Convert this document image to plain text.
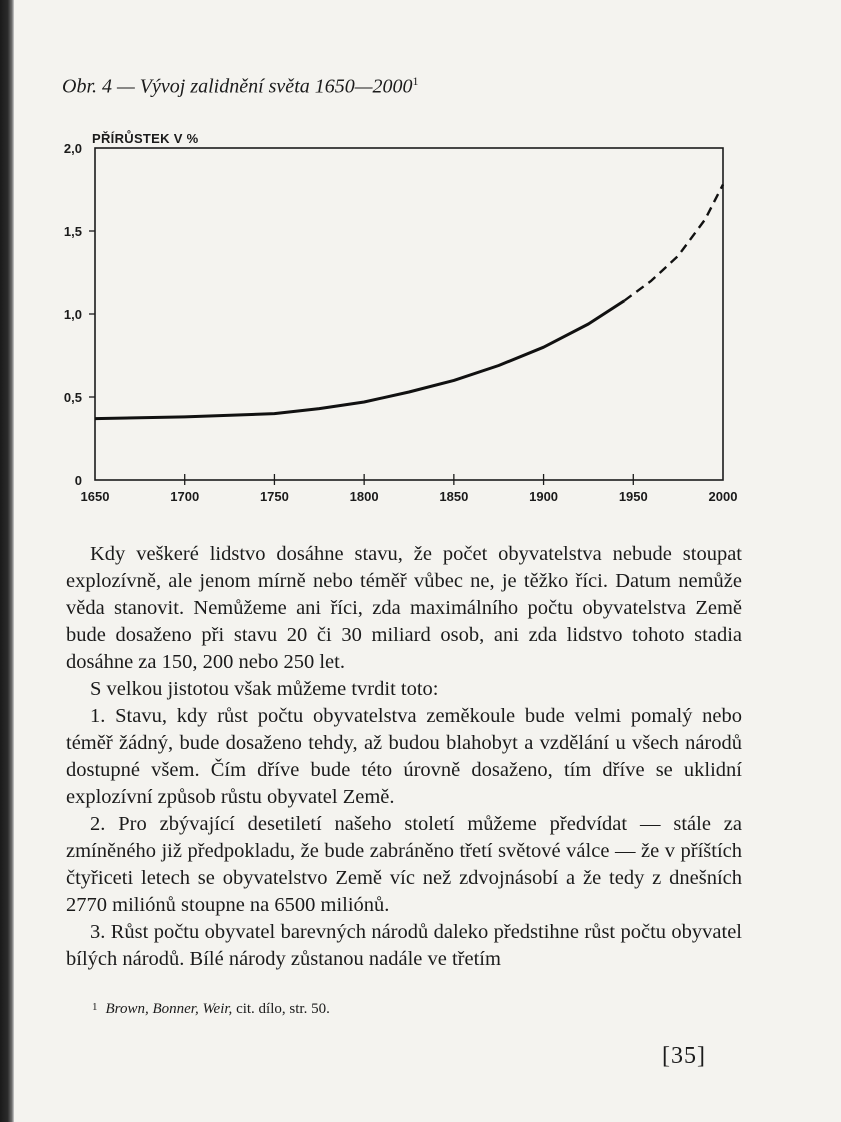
Obr. 4 — Vývoj zalidnění světa 1650—2000$^1$
PŘÍRŮSTEK V %
0
0,5
1,0
1,5
2,0
1650	1700	1750	1800	1850	1900	1950	2000

Kdy veškeré lidstvo dosáhne stavu, že počet obyvatelstva nebude stoupat explozívně, ale jenom mírně nebo téměř vůbec ne, je těžko říci. Datum nemůže věda stanovit. Nemůžeme ani říci, zda maximálního počtu obyvatelstva Země bude dosaženo při stavu 20 či 30 miliard osob, ani zda lidstvo tohoto stadia dosáhne za 150, 200 nebo 250 let.

S velkou jistotou však můžeme tvrdit toto:

1. Stavu, kdy růst počtu obyvatelstva zeměkoule bude velmi pomalý nebo téměř žádný, bude dosaženo tehdy, až budou blahobyt a vzdělání u všech národů dostupné všem. Čím dříve bude této úrovně dosaženo, tím dříve se uklidní explozívní způsob růstu obyvatel Země.

2. Pro zbývající desetiletí našeho století můžeme předvídat — stále za zmíněného již předpokladu, že bude zabráněno třetí světové válce — že v příštích čtyřiceti letech se obyvatelstvo Země víc než zdvojnásobí a že tedy z dnešních 2770 miliónů stoupne na 6500 miliónů.

3. Růst počtu obyvatel barevných národů daleko předstihne růst počtu obyvatel bílých národů. Bílé národy zůstanou nadále ve třetím

$^1$ Brown, Bonner, Weir, cit. dílo, str. 50.
[35]
